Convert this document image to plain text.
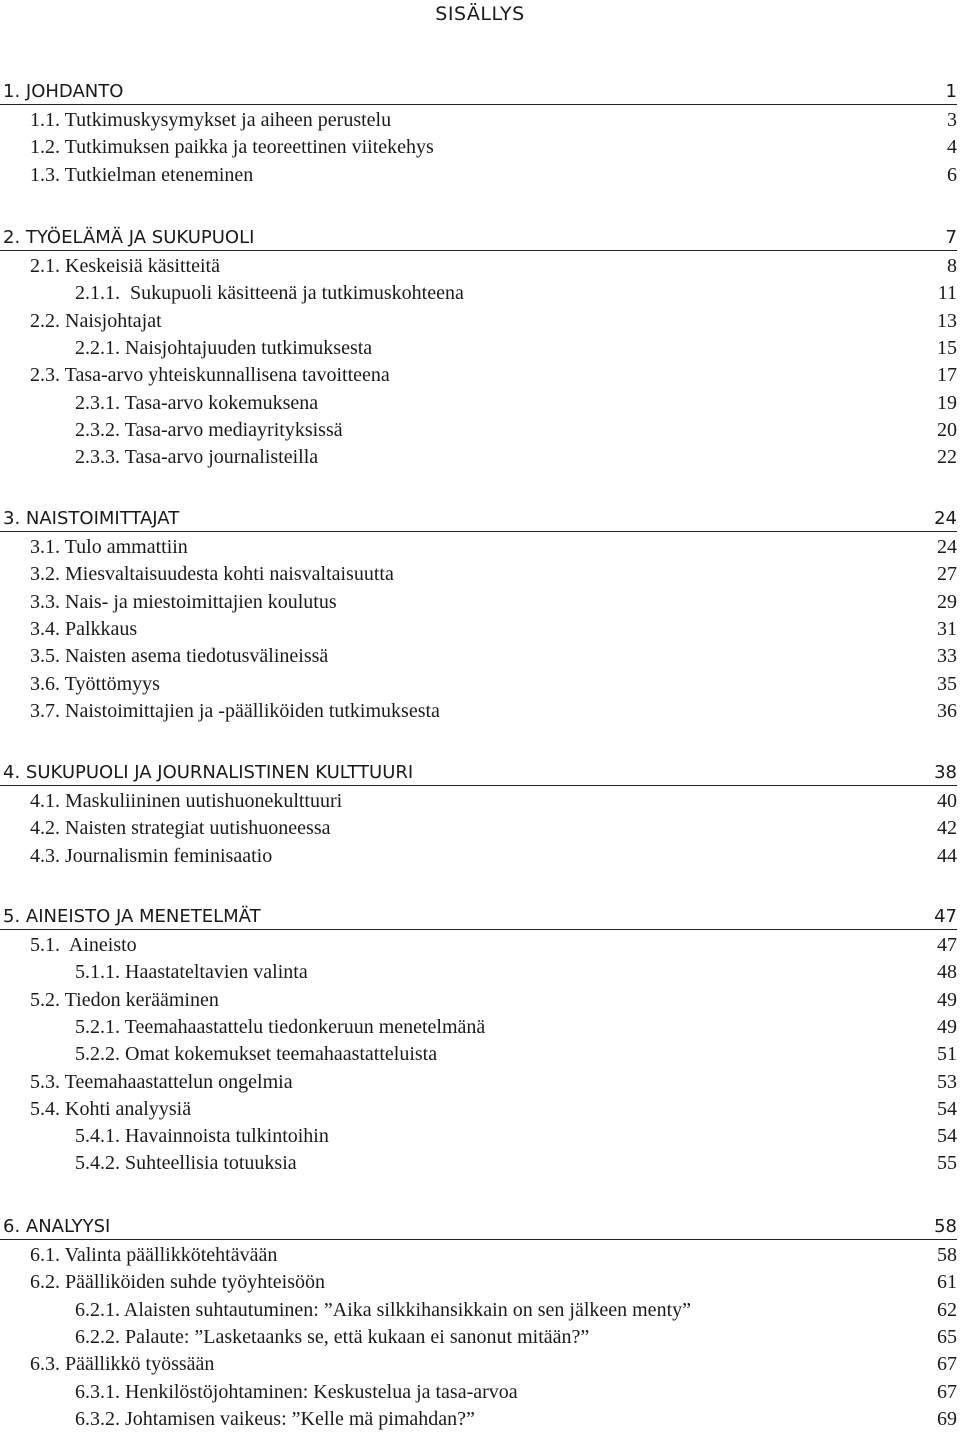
SISÄLLYS
1. JOHDANTO	1
1.1. Tutkimuskysymykset ja aiheen perustelu	3
1.2. Tutkimuksen paikka ja teoreettinen viitekehys	4
1.3. Tutkielman eteneminen	6
2. TYÖELÄMÄ JA SUKUPUOLI	7
2.1. Keskeisiä käsitteitä	8
2.1.1.  Sukupuoli käsitteenä ja tutkimuskohteena	11
2.2. Naisjohtajat	13
2.2.1. Naisjohtajuuden tutkimuksesta	15
2.3. Tasa-arvo yhteiskunnallisena tavoitteena	17
2.3.1. Tasa-arvo kokemuksena	19
2.3.2. Tasa-arvo mediayrityksissä	20
2.3.3. Tasa-arvo journalisteilla	22
3. NAISTOIMITTAJAT	24
3.1. Tulo ammattiin	24
3.2. Miesvaltaisuudesta kohti naisvaltaisuutta	27
3.3. Nais- ja miestoimittajien koulutus	29
3.4. Palkkaus	31
3.5. Naisten asema tiedotusvälineissä	33
3.6. Työttömyys	35
3.7. Naistoimittajien ja -päälliköiden tutkimuksesta	36
4. SUKUPUOLI JA JOURNALISTINEN KULTTUURI	38
4.1. Maskuliininen uutishuonekulttuuri	40
4.2. Naisten strategiat uutishuoneessa	42
4.3. Journalismin feminisaatio	44
5. AINEISTO JA MENETELMÄT	47
5.1.  Aineisto	47
5.1.1. Haastateltavien valinta	48
5.2. Tiedon kerääminen	49
5.2.1. Teemahaastattelu tiedonkeruun menetelmänä	49
5.2.2. Omat kokemukset teemahaastatteluista	51
5.3. Teemahaastattelun ongelmia	53
5.4. Kohti analyysiä	54
5.4.1. Havainnoista tulkintoihin	54
5.4.2. Suhteellisia totuuksia	55
6. ANALYYSI	58
6.1. Valinta päällikkötehtävään	58
6.2. Päälliköiden suhde työyhteisöön	61
6.2.1. Alaisten suhtautuminen: ”Aika silkkihansikkain on sen jälkeen menty”	62
6.2.2. Palaute: ”Lasketaanks se, että kukaan ei sanonut mitään?”	65
6.3. Päällikkö työssään	67
6.3.1. Henkilöstöjohtaminen: Keskustelua ja tasa-arvoa	67
6.3.2. Johtamisen vaikeus: ”Kelle mä pimahdan?”	69
